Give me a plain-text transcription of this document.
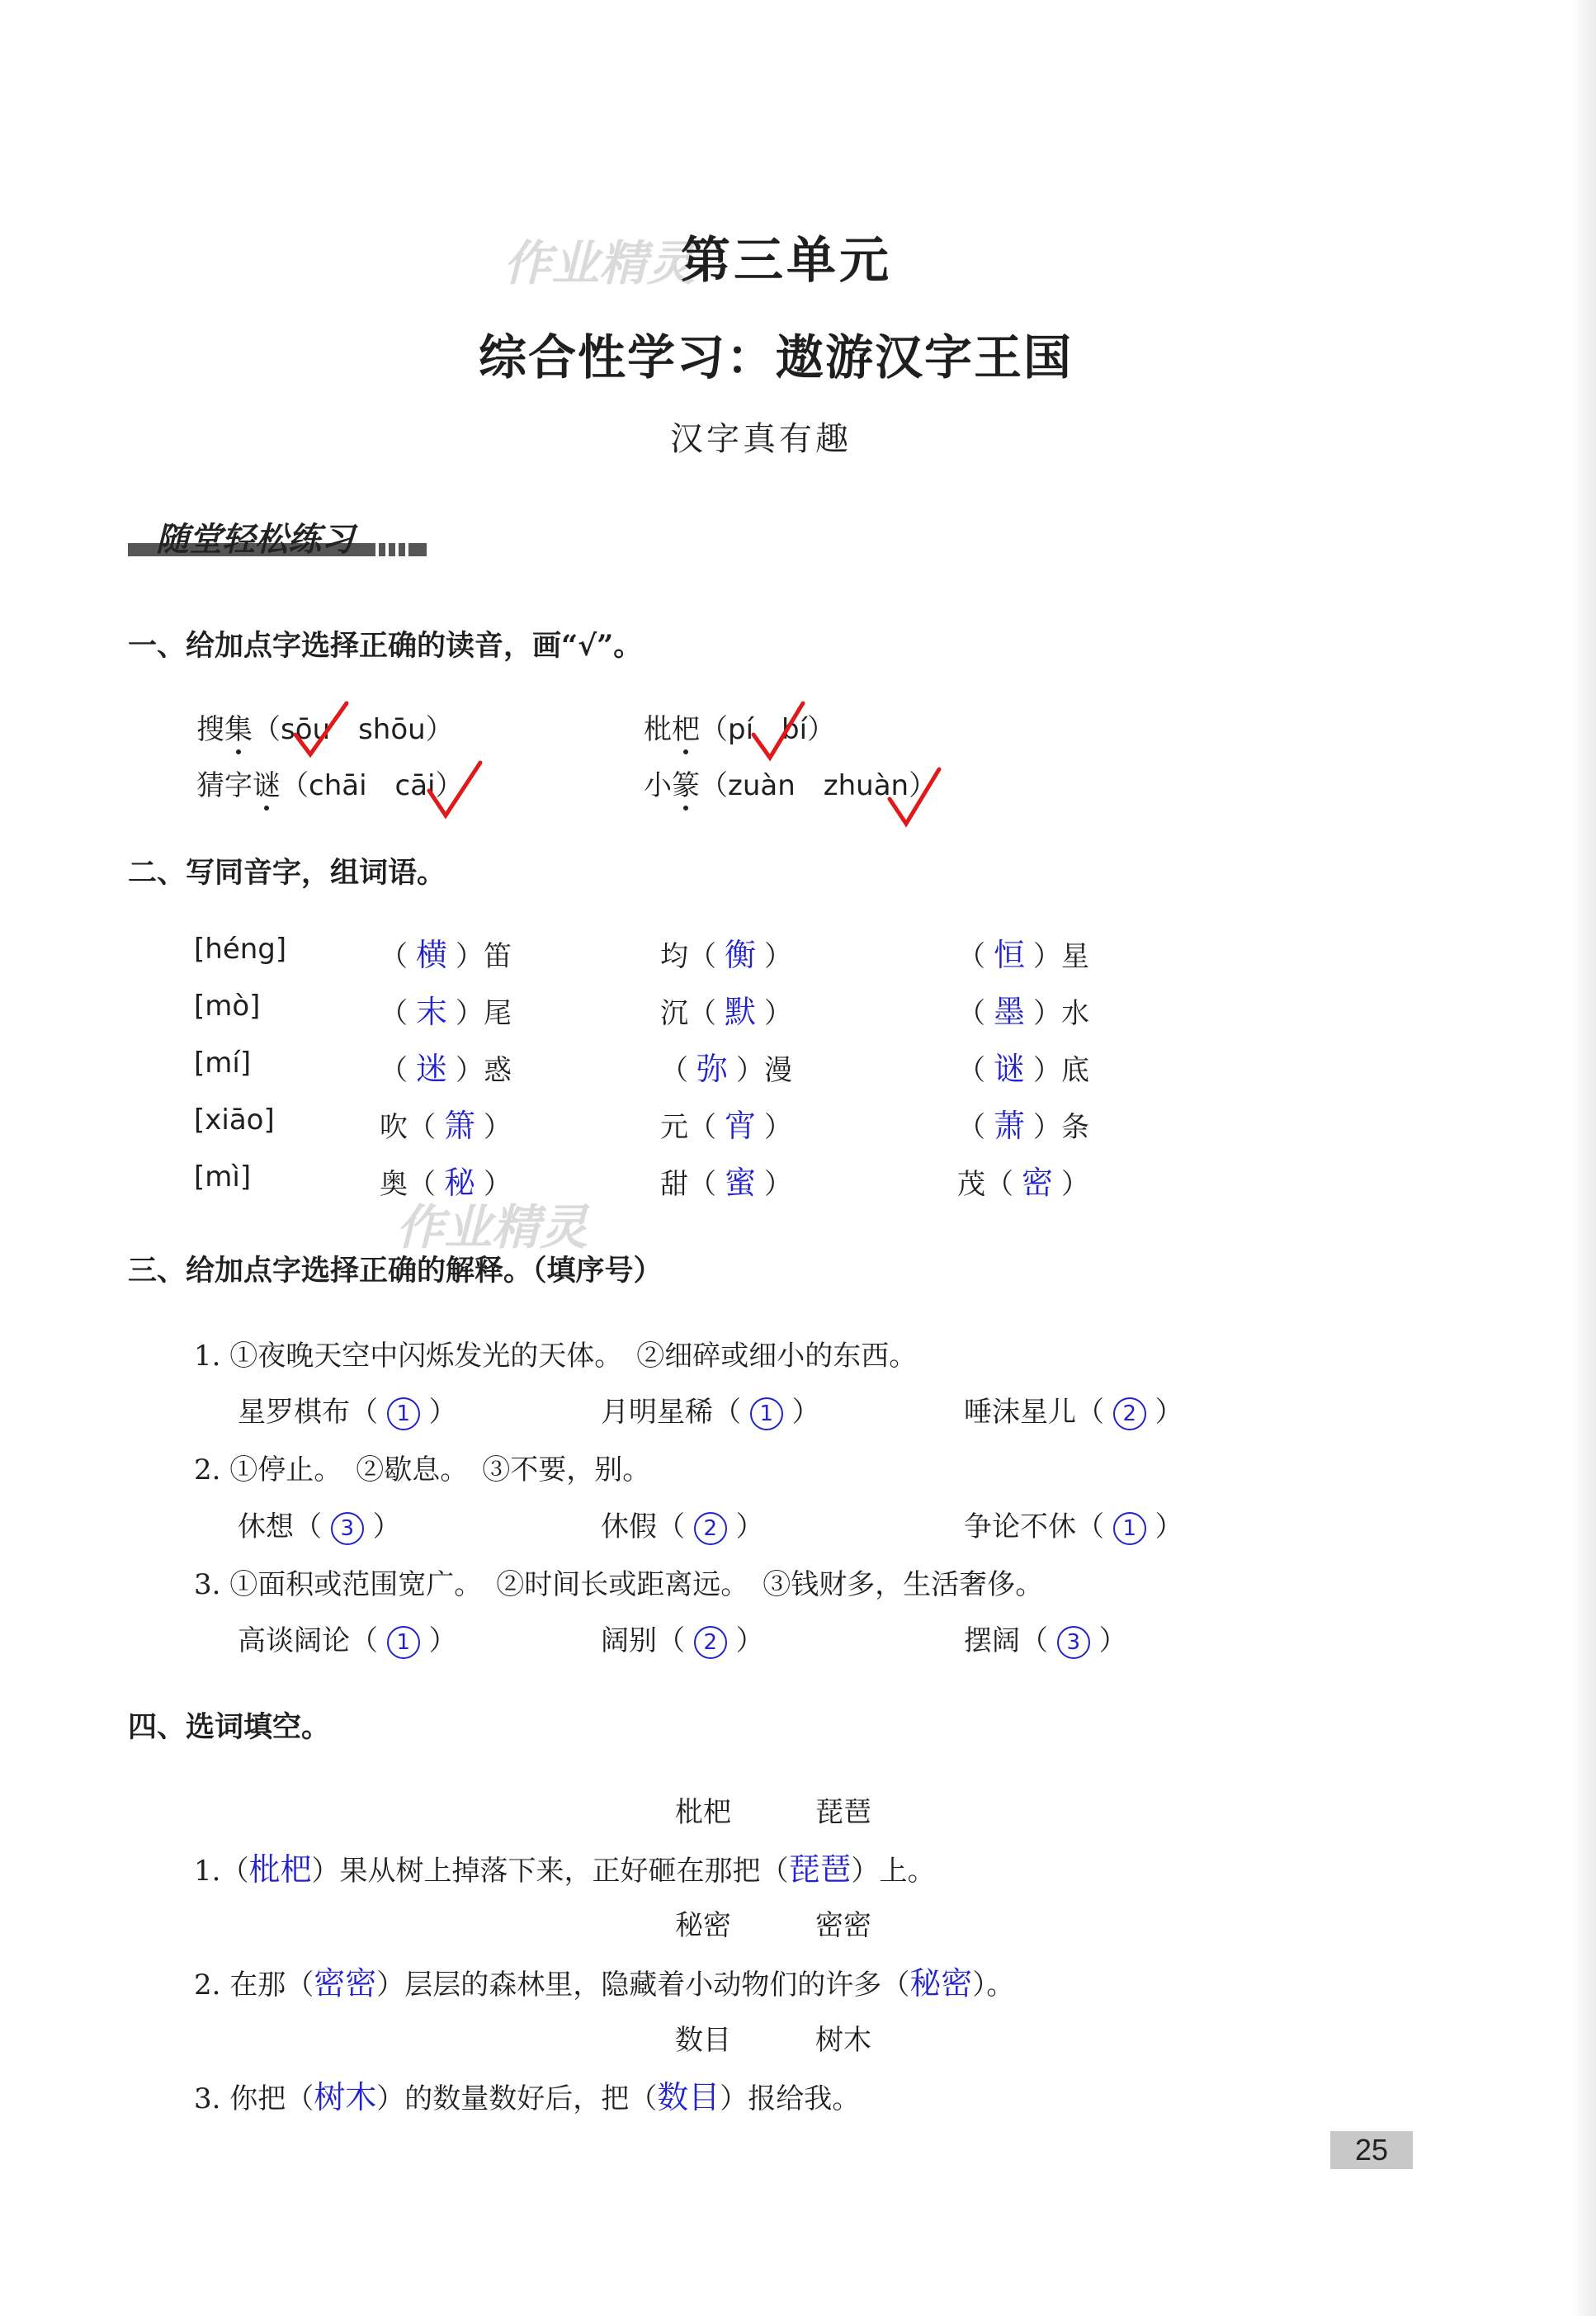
作业精灵
作业精灵
第三单元
综合性学习：遨游汉字王国
汉字真有趣
随堂轻松练习
一、给加点字选择正确的读音，画“√”。
搜集（sōu　shōu）	枇杷（pí　bí）
猜字谜（chāi　cāi）	小篆（zuàn　zhuàn）
二、写同音字，组词语。
[héng]	（ 横 ）笛	均（ 衡 ）	（ 恒 ）星
[mò]	（ 末 ）尾	沉（ 默 ）	（ 墨 ）水
[mí]	（ 迷 ）惑	（ 弥 ）漫	（ 谜 ）底
[xiāo]	吹（ 箫 ）	元（ 宵 ）	（ 萧 ）条
[mì]	奥（ 秘 ）	甜（ 蜜 ）	茂（ 密 ）
三、给加点字选择正确的解释。（填序号）
1. ①夜晚天空中闪烁发光的天体。　②细碎或细小的东西。
星罗棋布（ 1 ）	月明星稀（ 1 ）	唾沫星儿（ 2 ）
2. ①停止。　②歇息。　③不要，别。
休想（ 3 ）	休假（ 2 ）	争论不休（ 1 ）
3. ①面积或范围宽广。　②时间长或距离远。　③钱财多，生活奢侈。
高谈阔论（ 1 ）	阔别（ 2 ）	摆阔（ 3 ）
四、选词填空。
枇杷　　　琵琶
1.（枇杷）果从树上掉落下来，正好砸在那把（琵琶）上。
秘密　　　密密
2. 在那（密密）层层的森林里，隐藏着小动物们的许多（秘密）。
数目　　　树木
3. 你把（树木）的数量数好后，把（数目）报给我。
25
